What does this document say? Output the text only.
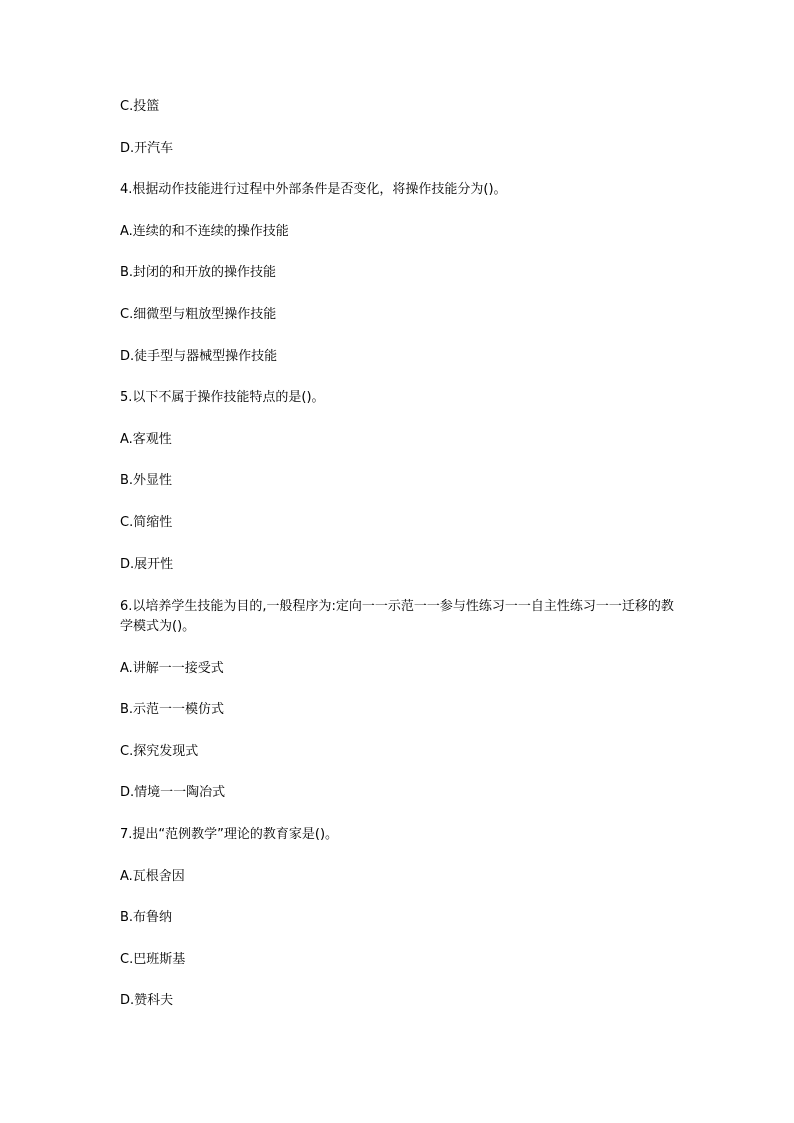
C.投篮
D.开汽车
4.根据动作技能进行过程中外部条件是否变化，将操作技能分为()。
A.连续的和不连续的操作技能
B.封闭的和开放的操作技能
C.细微型与粗放型操作技能
D.徒手型与器械型操作技能
5.以下不属于操作技能特点的是()。
A.客观性
B.外显性
C.简缩性
D.展开性
6.以培养学生技能为目的,一般程序为:定向一一示范一一参与性练习一一自主性练习一一迁移的教学模式为()。
A.讲解一一接受式
B.示范一一模仿式
C.探究发现式
D.情境一一陶冶式
7.提出“范例教学”理论的教育家是()。
A.瓦根舍因
B.布鲁纳
C.巴班斯基
D.赞科夫
